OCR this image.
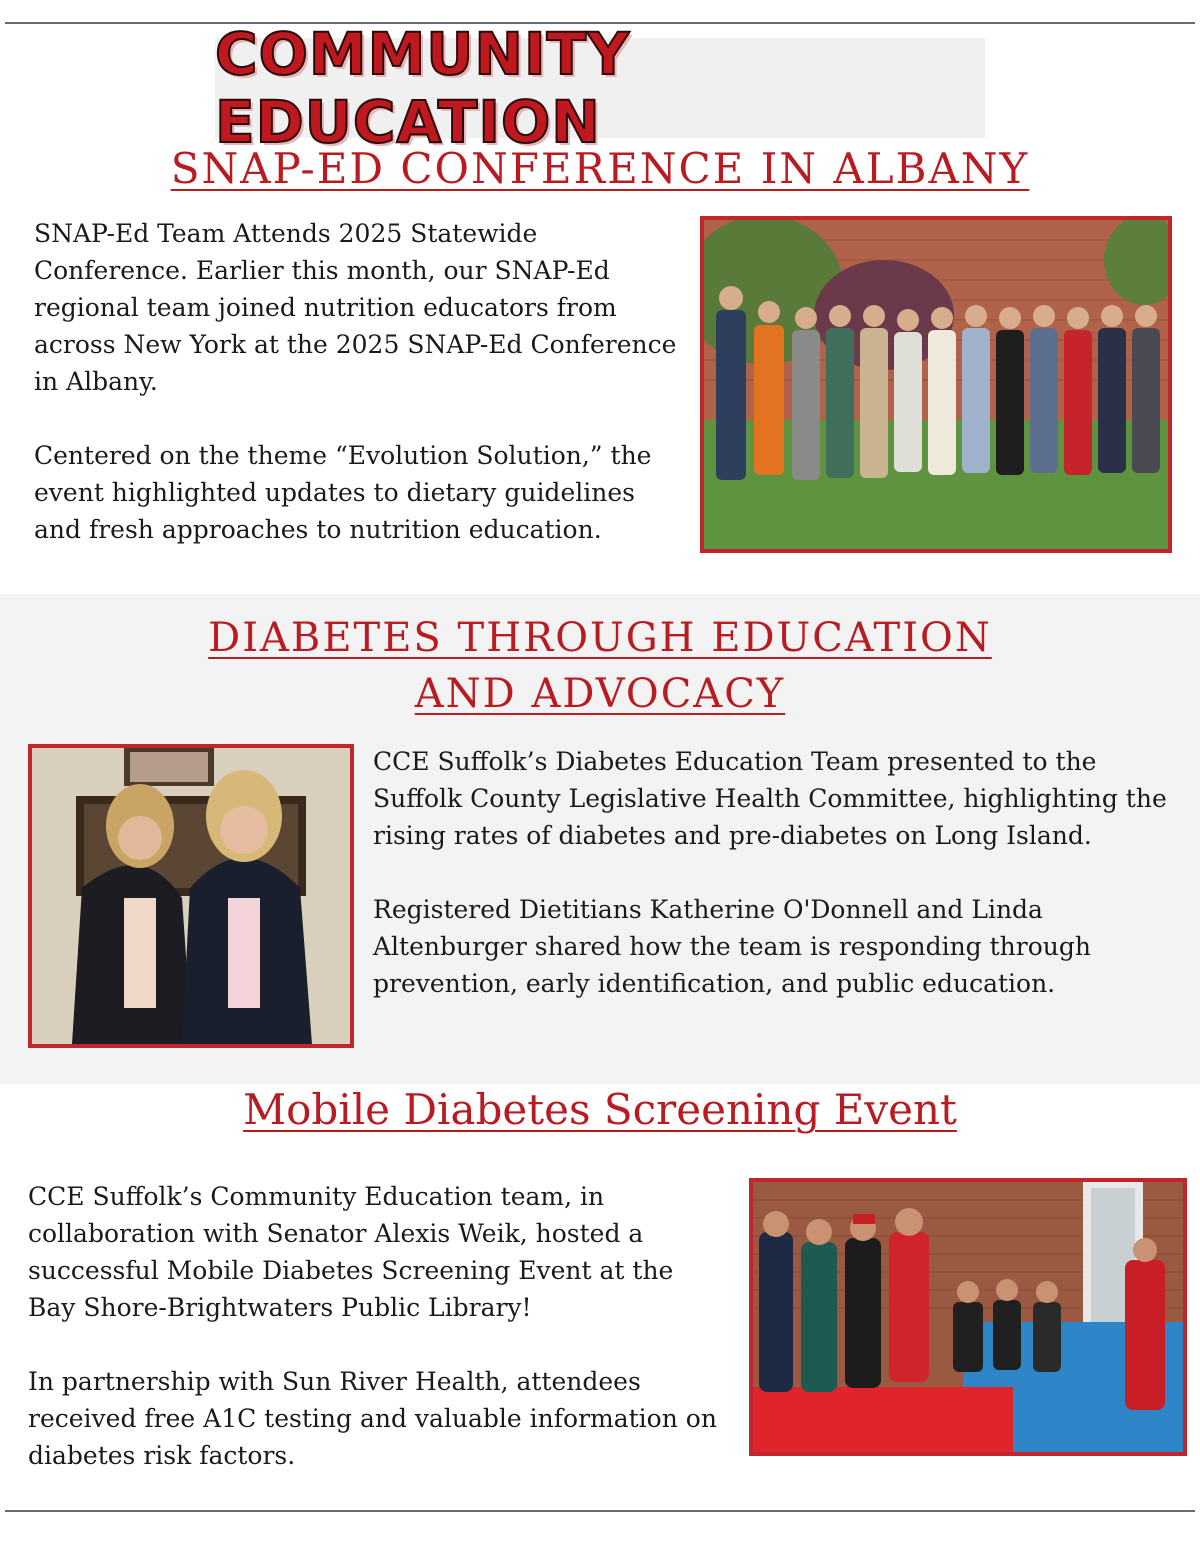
COMMUNITY EDUCATION
SNAP-ED CONFERENCE IN ALBANY

SNAP-Ed Team Attends 2025 Statewide Conference. Earlier this month, our SNAP-Ed regional team joined nutrition educators from across New York at the 2025 SNAP-Ed Conference in Albany.

Centered on the theme “Evolution Solution,” the event highlighted updates to dietary guidelines and fresh approaches to nutrition education.

DIABETES THROUGH EDUCATION
AND ADVOCACY

CCE Suffolk’s Diabetes Education Team presented to the Suffolk County Legislative Health Committee, highlighting the rising rates of diabetes and pre-diabetes on Long Island.

Registered Dietitians Katherine O'Donnell and Linda Altenburger shared how the team is responding through prevention, early identification, and public education.

Mobile Diabetes Screening Event

CCE Suffolk’s Community Education team, in collaboration with Senator Alexis Weik, hosted a successful Mobile Diabetes Screening Event at the Bay Shore-Brightwaters Public Library!

In partnership with Sun River Health, attendees received free A1C testing and valuable information on diabetes risk factors.
